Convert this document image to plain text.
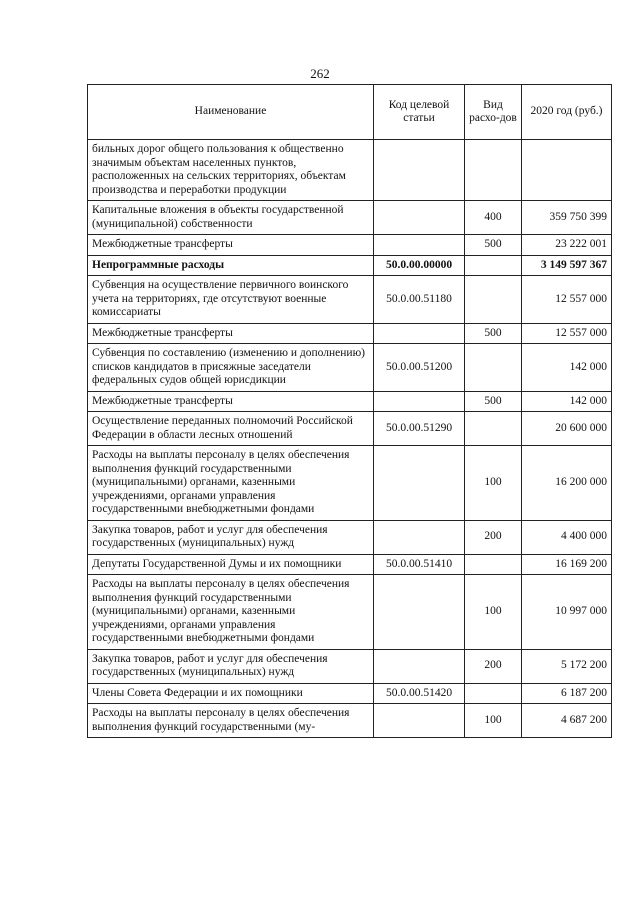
262
Наименование	Код целевой статьи	Вид расхо-дов	2020 год (руб.)
бильных дорог общего пользования к общественно значимым объектам населенных пунктов, расположенных на сельских территориях, объектам производства и переработки продукции			
Капитальные вложения в объекты государственной (муниципальной) собственности		400	359 750 399
Межбюджетные трансферты		500	23 222 001
Непрограммные расходы	50.0.00.00000		3 149 597 367
Субвенция на осуществление первичного воинского учета на территориях, где отсутствуют военные комиссариаты	50.0.00.51180		12 557 000
Межбюджетные трансферты		500	12 557 000
Субвенция по составлению (изменению и дополнению) списков кандидатов в присяжные заседатели федеральных судов общей юрисдикции	50.0.00.51200		142 000
Межбюджетные трансферты		500	142 000
Осуществление переданных полномочий Российской Федерации в области лесных отношений	50.0.00.51290		20 600 000
Расходы на выплаты персоналу в целях обеспечения выполнения функций государственными (муниципальными) органами, казенными учреждениями, органами управления государственными внебюджетными фондами		100	16 200 000
Закупка товаров, работ и услуг для обеспечения государственных (муниципальных) нужд		200	4 400 000
Депутаты Государственной Думы и их помощники	50.0.00.51410		16 169 200
Расходы на выплаты персоналу в целях обеспечения выполнения функций государственными (муниципальными) органами, казенными учреждениями, органами управления государственными внебюджетными фондами		100	10 997 000
Закупка товаров, работ и услуг для обеспечения государственных (муниципальных) нужд		200	5 172 200
Члены Совета Федерации и их помощники	50.0.00.51420		6 187 200
Расходы на выплаты персоналу в целях обеспечения выполнения функций государственными (му-		100	4 687 200
